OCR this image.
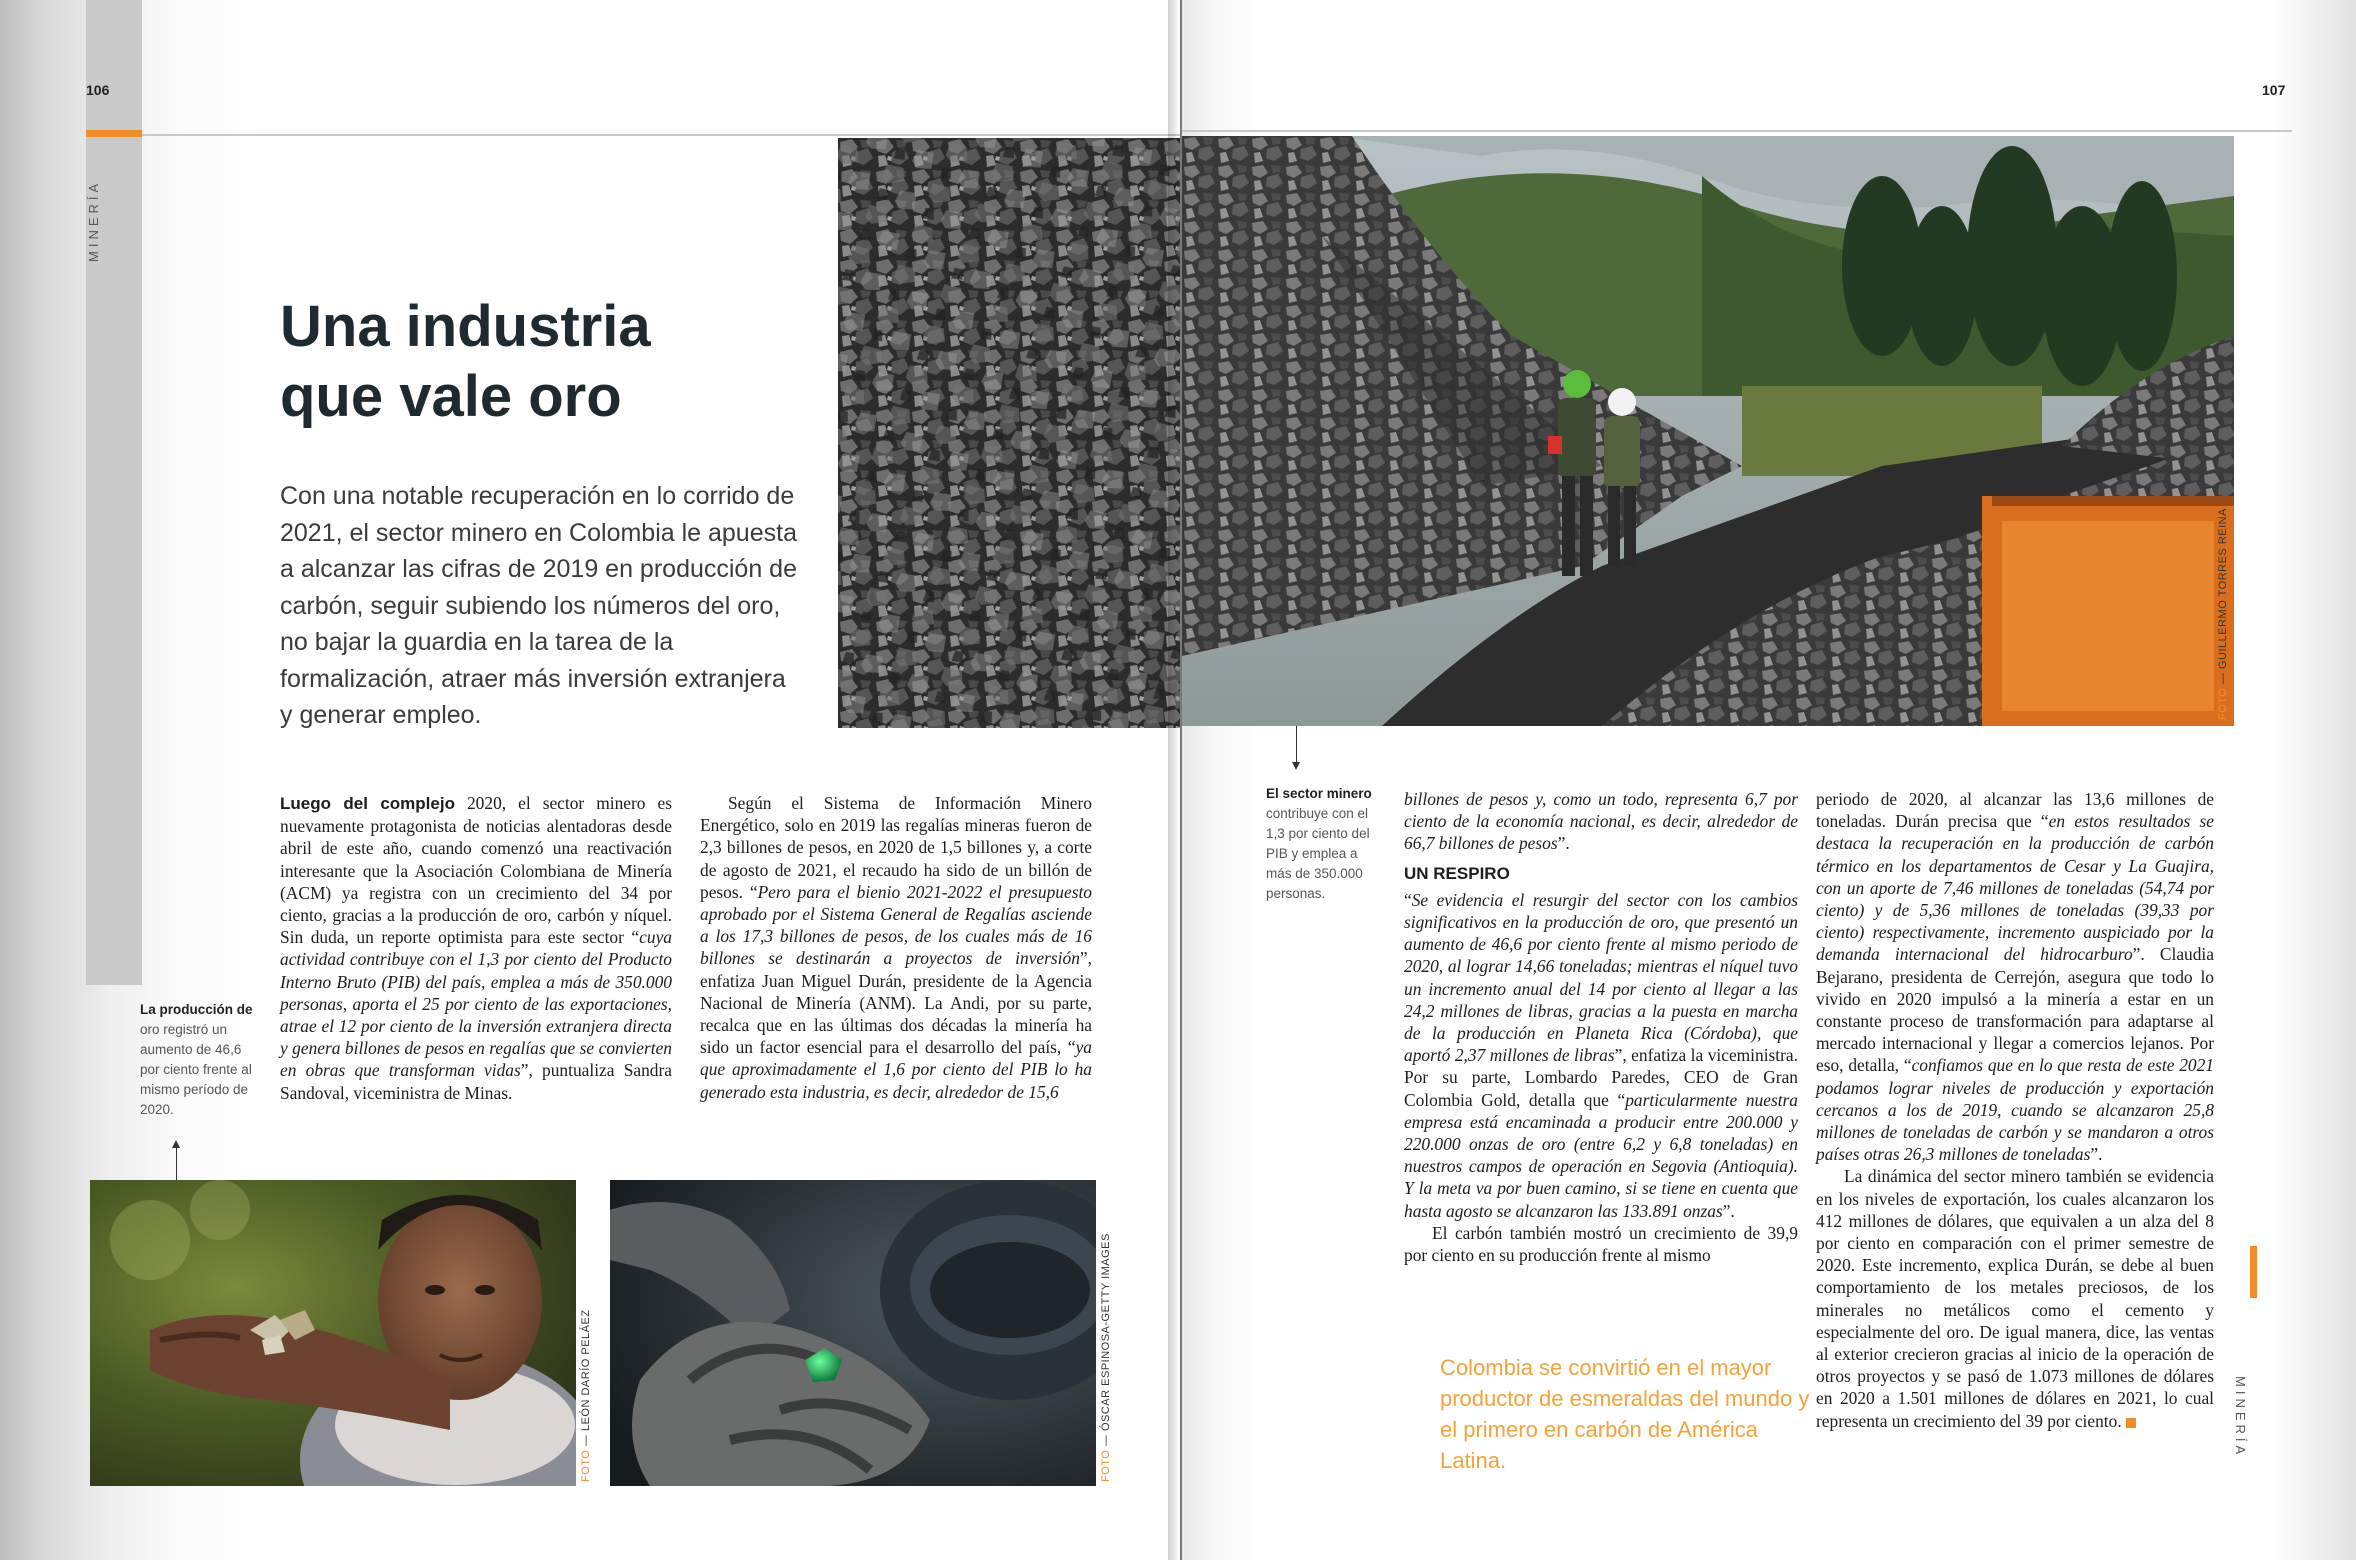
106
MINERÍA
Una industria
que vale oro

Con una notable recuperación en lo corrido de 2021, el sector minero en Colombia le apuesta a alcanzar las cifras de 2019 en producción de carbón, seguir subiendo los números del oro, no bajar la guardia en la tarea de la formalización, atraer más inversión extranjera y generar empleo.

Luego del complejo 2020, el sector minero es nuevamente protagonista de noticias alentadoras desde abril de este año, cuando comenzó una reactivación interesante que la Asociación Colombiana de Minería (ACM) ya registra con un crecimiento del 34 por ciento, gracias a la producción de oro, carbón y níquel. Sin duda, un reporte optimista para este sector “cuya actividad contribuye con el 1,3 por ciento del Producto Interno Bruto (PIB) del país, emplea a más de 350.000 personas, aporta el 25 por ciento de las exportaciones, atrae el 12 por ciento de la inversión extranjera directa y genera billones de pesos en regalías que se convierten en obras que transforman vidas”, puntualiza Sandra Sandoval, viceministra de Minas.

Según el Sistema de Información Minero Energético, solo en 2019 las regalías mineras fueron de 2,3 billones de pesos, en 2020 de 1,5 billones y, a corte de agosto de 2021, el recaudo ha sido de un billón de pesos. “Pero para el bienio 2021-2022 el presupuesto aprobado por el Sistema General de Regalías asciende a los 17,3 billones de pesos, de los cuales más de 16 billones se destinarán a proyectos de inversión”, enfatiza Juan Miguel Durán, presidente de la Agencia Nacional de Minería (ANM). La Andi, por su parte, recalca que en las últimas dos décadas la minería ha sido un factor esencial para el desarrollo del país, “ya que aproximadamente el 1,6 por ciento del PIB lo ha generado esta industria, es decir, alrededor de 15,6

La producción de
oro registró un aumento de 46,6 por ciento frente al mismo período de 2020.

FOTO — LEÓN DARÍO PELÁEZ
FOTO — ÓSCAR ESPINOSA-GETTY IMAGES
107
FOTO — GUILLERMO TORRES REINA

El sector minero
contribuye con el 1,3 por ciento del PIB y emplea a más de 350.000 personas.

billones de pesos y, como un todo, representa 6,7 por ciento de la economía nacional, es decir, alrededor de 66,7 billones de pesos”.

UN RESPIRO

“Se evidencia el resurgir del sector con los cambios significativos en la producción de oro, que presentó un aumento de 46,6 por ciento frente al mismo periodo de 2020, al lograr 14,66 toneladas; mientras el níquel tuvo un incremento anual del 14 por ciento al llegar a las 24,2 millones de libras, gracias a la puesta en marcha de la producción en Planeta Rica (Córdoba), que aportó 2,37 millones de libras”, enfatiza la viceministra. Por su parte, Lombardo Paredes, CEO de Gran Colombia Gold, detalla que “particularmente nuestra empresa está encaminada a producir entre 200.000 y 220.000 onzas de oro (entre 6,2 y 6,8 toneladas) en nuestros campos de operación en Segovia (Antioquia). Y la meta va por buen camino, si se tiene en cuenta que hasta agosto se alcanzaron las 133.891 onzas”.

El carbón también mostró un crecimiento de 39,9 por ciento en su producción frente al mismo

Colombia se convirtió en el mayor productor de esmeraldas del mundo y el primero en carbón de América Latina.

periodo de 2020, al alcanzar las 13,6 millones de toneladas. Durán precisa que “en estos resultados se destaca la recuperación en la producción de carbón térmico en los departamentos de Cesar y La Guajira, con un aporte de 7,46 millones de toneladas (54,74 por ciento) y de 5,36 millones de toneladas (39,33 por ciento) respectivamente, incremento auspiciado por la demanda internacional del hidrocarburo”. Claudia Bejarano, presidenta de Cerrejón, asegura que todo lo vivido en 2020 impulsó a la minería a estar en un constante proceso de transformación para adaptarse al mercado internacional y llegar a comercios lejanos. Por eso, detalla, “confiamos que en lo que resta de este 2021 podamos lograr niveles de producción y exportación cercanos a los de 2019, cuando se alcanzaron 25,8 millones de toneladas de carbón y se mandaron a otros países otras 26,3 millones de toneladas”.

La dinámica del sector minero también se evidencia en los niveles de exportación, los cuales alcanzaron los 412 millones de dólares, que equivalen a un alza del 8 por ciento en comparación con el primer semestre de 2020. Este incremento, explica Durán, se debe al buen comportamiento de los metales preciosos, de los minerales no metálicos como el cemento y especialmente del oro. De igual manera, dice, las ventas al exterior crecieron gracias al inicio de la operación de otros proyectos y se pasó de 1.073 millones de dólares en 2020 a 1.501 millones de dólares en 2021, lo cual representa un crecimiento del 39 por ciento.	MINERÍA
